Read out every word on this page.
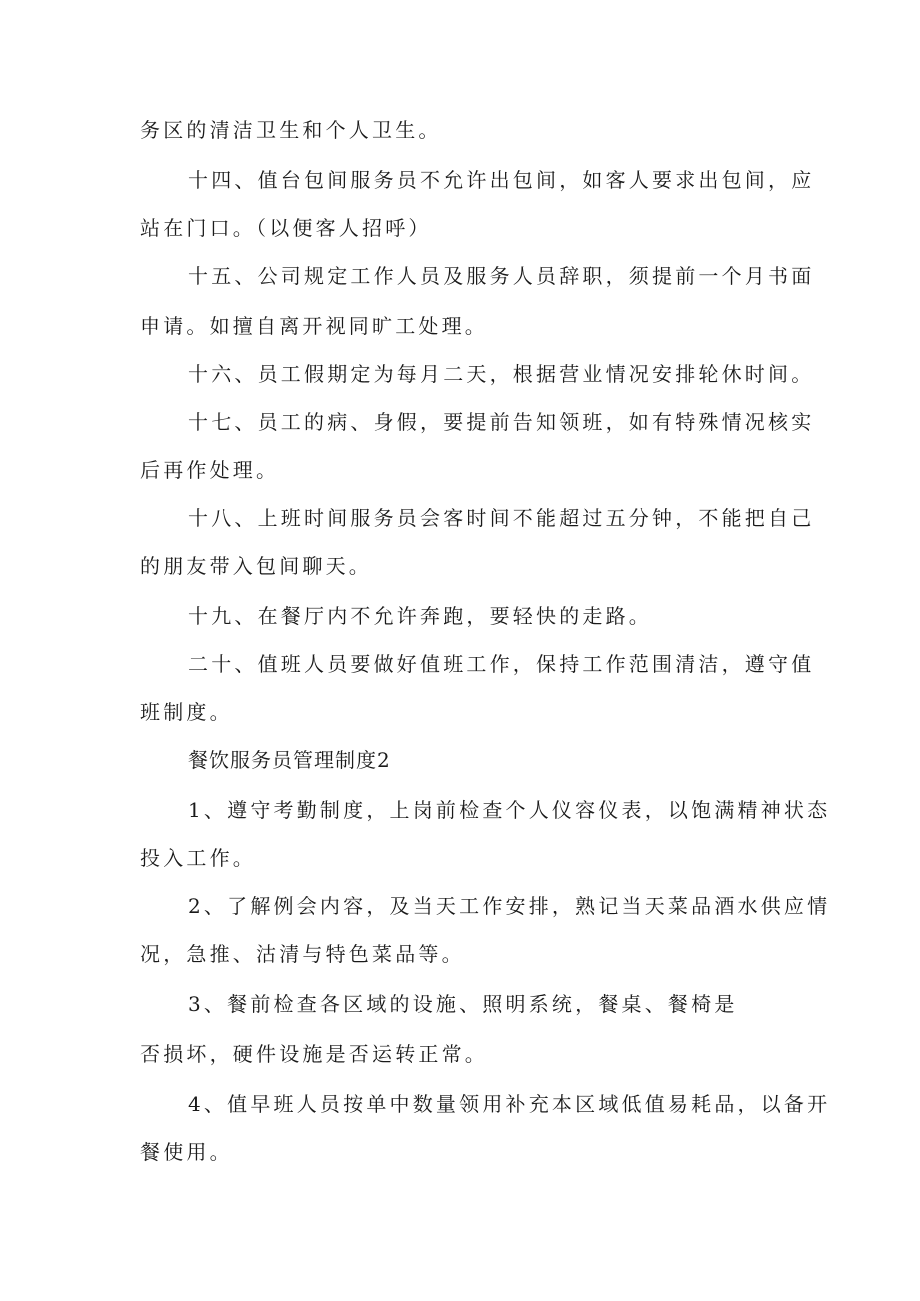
务区的清洁卫生和个人卫生。
十四、值台包间服务员不允许出包间，如客人要求出包间，应
站在门口。（以便客人招呼）
十五、公司规定工作人员及服务人员辞职，须提前一个月书面
申请。如擅自离开视同旷工处理。
十六、员工假期定为每月二天，根据营业情况安排轮休时间。
十七、员工的病、身假，要提前告知领班，如有特殊情况核实
后再作处理。
十八、上班时间服务员会客时间不能超过五分钟，不能把自己
的朋友带入包间聊天。
十九、在餐厅内不允许奔跑，要轻快的走路。
二十、值班人员要做好值班工作，保持工作范围清洁，遵守值
班制度。
餐饮服务员管理制度2
1、遵守考勤制度，上岗前检查个人仪容仪表，以饱满精神状态
投入工作。
2、了解例会内容，及当天工作安排，熟记当天菜品酒水供应情
况，急推、沽清与特色菜品等。
3、餐前检查各区域的设施、照明系统，餐桌、餐椅是
否损坏，硬件设施是否运转正常。
4、值早班人员按单中数量领用补充本区域低值易耗品，以备开
餐使用。
